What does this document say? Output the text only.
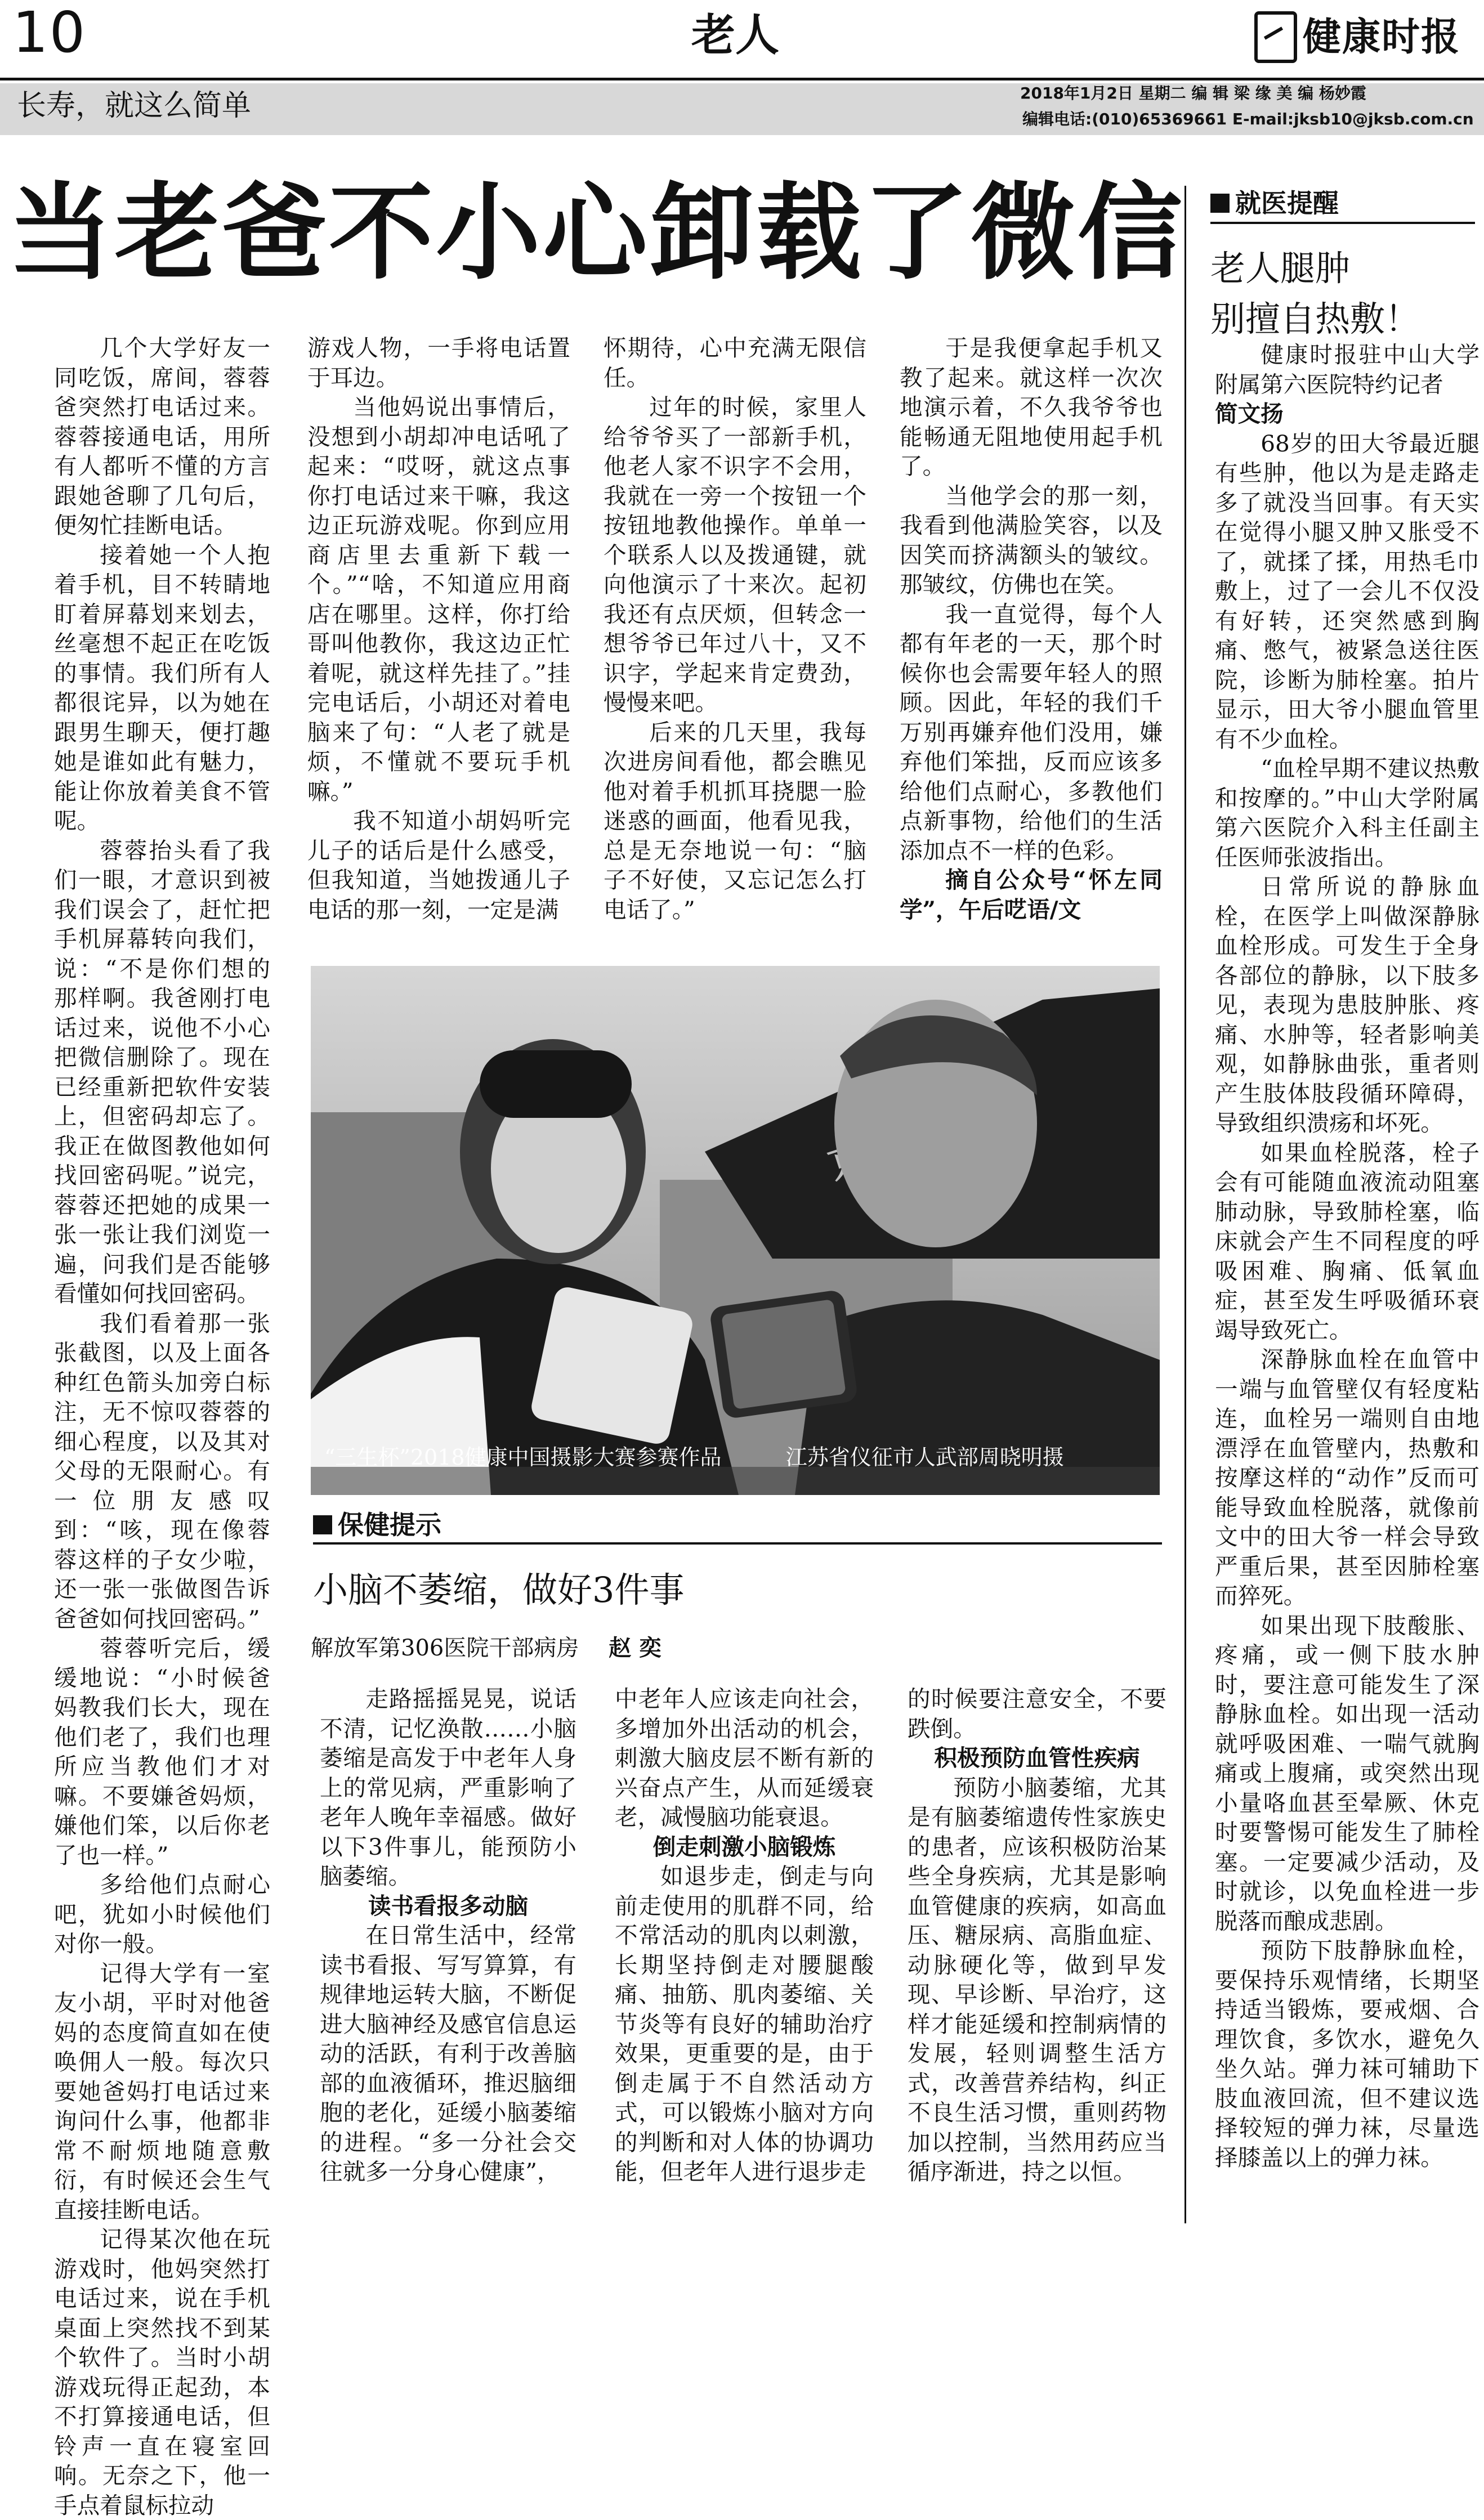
10	老人	健康时报
长寿，就这么简单	2018年1月2日 星期二 编 辑 梁 缘 美 编 杨妙霞
编辑电话:(010)65369661 E-mail:jksb10@jksb.com.cn
当老爸不小心卸载了微信

几个大学好友一同吃饭，席间，蓉蓉爸突然打电话过来。蓉蓉接通电话，用所有人都听不懂的方言跟她爸聊了几句后，便匆忙挂断电话。

接着她一个人抱着手机，目不转睛地盯着屏幕划来划去，丝毫想不起正在吃饭的事情。我们所有人都很诧异，以为她在跟男生聊天，便打趣她是谁如此有魅力，能让你放着美食不管呢。

蓉蓉抬头看了我们一眼，才意识到被我们误会了，赶忙把手机屏幕转向我们，说：“不是你们想的那样啊。我爸刚打电话过来，说他不小心把微信删除了。现在已经重新把软件安装上，但密码却忘了。我正在做图教他如何找回密码呢。”说完，蓉蓉还把她的成果一张一张让我们浏览一遍，问我们是否能够看懂如何找回密码。

我们看着那一张张截图，以及上面各种红色箭头加旁白标注，无不惊叹蓉蓉的细心程度，以及其对父母的无限耐心。有一位朋友感叹到：“咳，现在像蓉蓉这样的子女少啦，还一张一张做图告诉爸爸如何找回密码。”

蓉蓉听完后，缓缓地说：“小时候爸妈教我们长大，现在他们老了，我们也理所应当教他们才对嘛。不要嫌爸妈烦，嫌他们笨，以后你老了也一样。”

多给他们点耐心吧，犹如小时候他们对你一般。

记得大学有一室友小胡，平时对他爸妈的态度简直如在使唤佣人一般。每次只要她爸妈打电话过来询问什么事，他都非常不耐烦地随意敷衍，有时候还会生气直接挂断电话。

记得某次他在玩游戏时，他妈突然打电话过来，说在手机桌面上突然找不到某个软件了。当时小胡游戏玩得正起劲，本不打算接通电话，但铃声一直在寝室回响。无奈之下，他一手点着鼠标拉动

游戏人物，一手将电话置于耳边。

当他妈说出事情后，没想到小胡却冲电话吼了起来：“哎呀，就这点事你打电话过来干嘛，我这边正玩游戏呢。你到应用商店里去重新下载一个。”“啥，不知道应用商店在哪里。这样，你打给哥叫他教你，我这边正忙着呢，就这样先挂了。”挂完电话后，小胡还对着电脑来了句：“人老了就是烦，不懂就不要玩手机嘛。”

我不知道小胡妈听完儿子的话后是什么感受，但我知道，当她拨通儿子电话的那一刻，一定是满

怀期待，心中充满无限信任。

过年的时候，家里人给爷爷买了一部新手机，他老人家不识字不会用，我就在一旁一个按钮一个按钮地教他操作。单单一个联系人以及拨通键，就向他演示了十来次。起初我还有点厌烦，但转念一想爷爷已年过八十，又不识字，学起来肯定费劲，慢慢来吧。

后来的几天里，我每次进房间看他，都会瞧见他对着手机抓耳挠腮一脸迷惑的画面，他看见我，总是无奈地说一句：“脑子不好使，又忘记怎么打电话了。”

于是我便拿起手机又教了起来。就这样一次次地演示着，不久我爷爷也能畅通无阻地使用起手机了。

当他学会的那一刻，我看到他满脸笑容，以及因笑而挤满额头的皱纹。那皱纹，仿佛也在笑。

我一直觉得，每个人都有年老的一天，那个时候你也会需要年轻人的照顾。因此，年轻的我们千万别再嫌弃他们没用，嫌弃他们笨拙，反而应该多给他们点耐心，多教他们点新事物，给他们的生活添加点不一样的色彩。

摘自公众号“怀左同学”，午后呓语/文

“三生杯”2018健康中国摄影大赛参赛作品	江苏省仪征市人武部周晓明摄
保健提示
小脑不萎缩，做好3件事
解放军第306医院干部病房 赵 奕

走路摇摇晃晃，说话不清，记忆涣散……小脑萎缩是高发于中老年人身上的常见病，严重影响了老年人晚年幸福感。做好以下3件事儿，能预防小脑萎缩。

读书看报多动脑

在日常生活中，经常读书看报、写写算算，有规律地运转大脑，不断促进大脑神经及感官信息运动的活跃，有利于改善脑部的血液循环，推迟脑细胞的老化，延缓小脑萎缩的进程。“多一分社会交往就多一分身心健康”，

中老年人应该走向社会，多增加外出活动的机会，刺激大脑皮层不断有新的兴奋点产生，从而延缓衰老，减慢脑功能衰退。

倒走刺激小脑锻炼

如退步走，倒走与向前走使用的肌群不同，给不常活动的肌肉以刺激，长期坚持倒走对腰腿酸痛、抽筋、肌肉萎缩、关节炎等有良好的辅助治疗效果，更重要的是，由于倒走属于不自然活动方式，可以锻炼小脑对方向的判断和对人体的协调功能，但老年人进行退步走

的时候要注意安全，不要跌倒。

积极预防血管性疾病

预防小脑萎缩，尤其是有脑萎缩遗传性家族史的患者，应该积极防治某些全身疾病，尤其是影响血管健康的疾病，如高血压、糖尿病、高脂血症、动脉硬化等，做到早发现、早诊断、早治疗，这样才能延缓和控制病情的发展，轻则调整生活方式，改善营养结构，纠正不良生活习惯，重则药物加以控制，当然用药应当循序渐进，持之以恒。

就医提醒
老人腿肿
别擅自热敷！

健康时报驻中山大学附属第六医院特约记者

简文扬

68岁的田大爷最近腿有些肿，他以为是走路走多了就没当回事。有天实在觉得小腿又肿又胀受不了，就揉了揉，用热毛巾敷上，过了一会儿不仅没有好转，还突然感到胸痛、憋气，被紧急送往医院，诊断为肺栓塞。拍片显示，田大爷小腿血管里有不少血栓。

“血栓早期不建议热敷和按摩的。”中山大学附属第六医院介入科主任副主任医师张波指出。

日常所说的静脉血栓，在医学上叫做深静脉血栓形成。可发生于全身各部位的静脉，以下肢多见，表现为患肢肿胀、疼痛、水肿等，轻者影响美观，如静脉曲张，重者则产生肢体肢段循环障碍，导致组织溃疡和坏死。

如果血栓脱落，栓子会有可能随血液流动阻塞肺动脉，导致肺栓塞，临床就会产生不同程度的呼吸困难、胸痛、低氧血症，甚至发生呼吸循环衰竭导致死亡。

深静脉血栓在血管中一端与血管壁仅有轻度粘连，血栓另一端则自由地漂浮在血管壁内，热敷和按摩这样的“动作”反而可能导致血栓脱落，就像前文中的田大爷一样会导致严重后果，甚至因肺栓塞而猝死。

如果出现下肢酸胀、疼痛，或一侧下肢水肿时，要注意可能发生了深静脉血栓。如出现一活动就呼吸困难、一喘气就胸痛或上腹痛，或突然出现小量咯血甚至晕厥、休克时要警惕可能发生了肺栓塞。一定要减少活动，及时就诊，以免血栓进一步脱落而酿成悲剧。

预防下肢静脉血栓，要保持乐观情绪，长期坚持适当锻炼，要戒烟、合理饮食，多饮水，避免久坐久站。弹力袜可辅助下肢血液回流，但不建议选择较短的弹力袜，尽量选择膝盖以上的弹力袜。
